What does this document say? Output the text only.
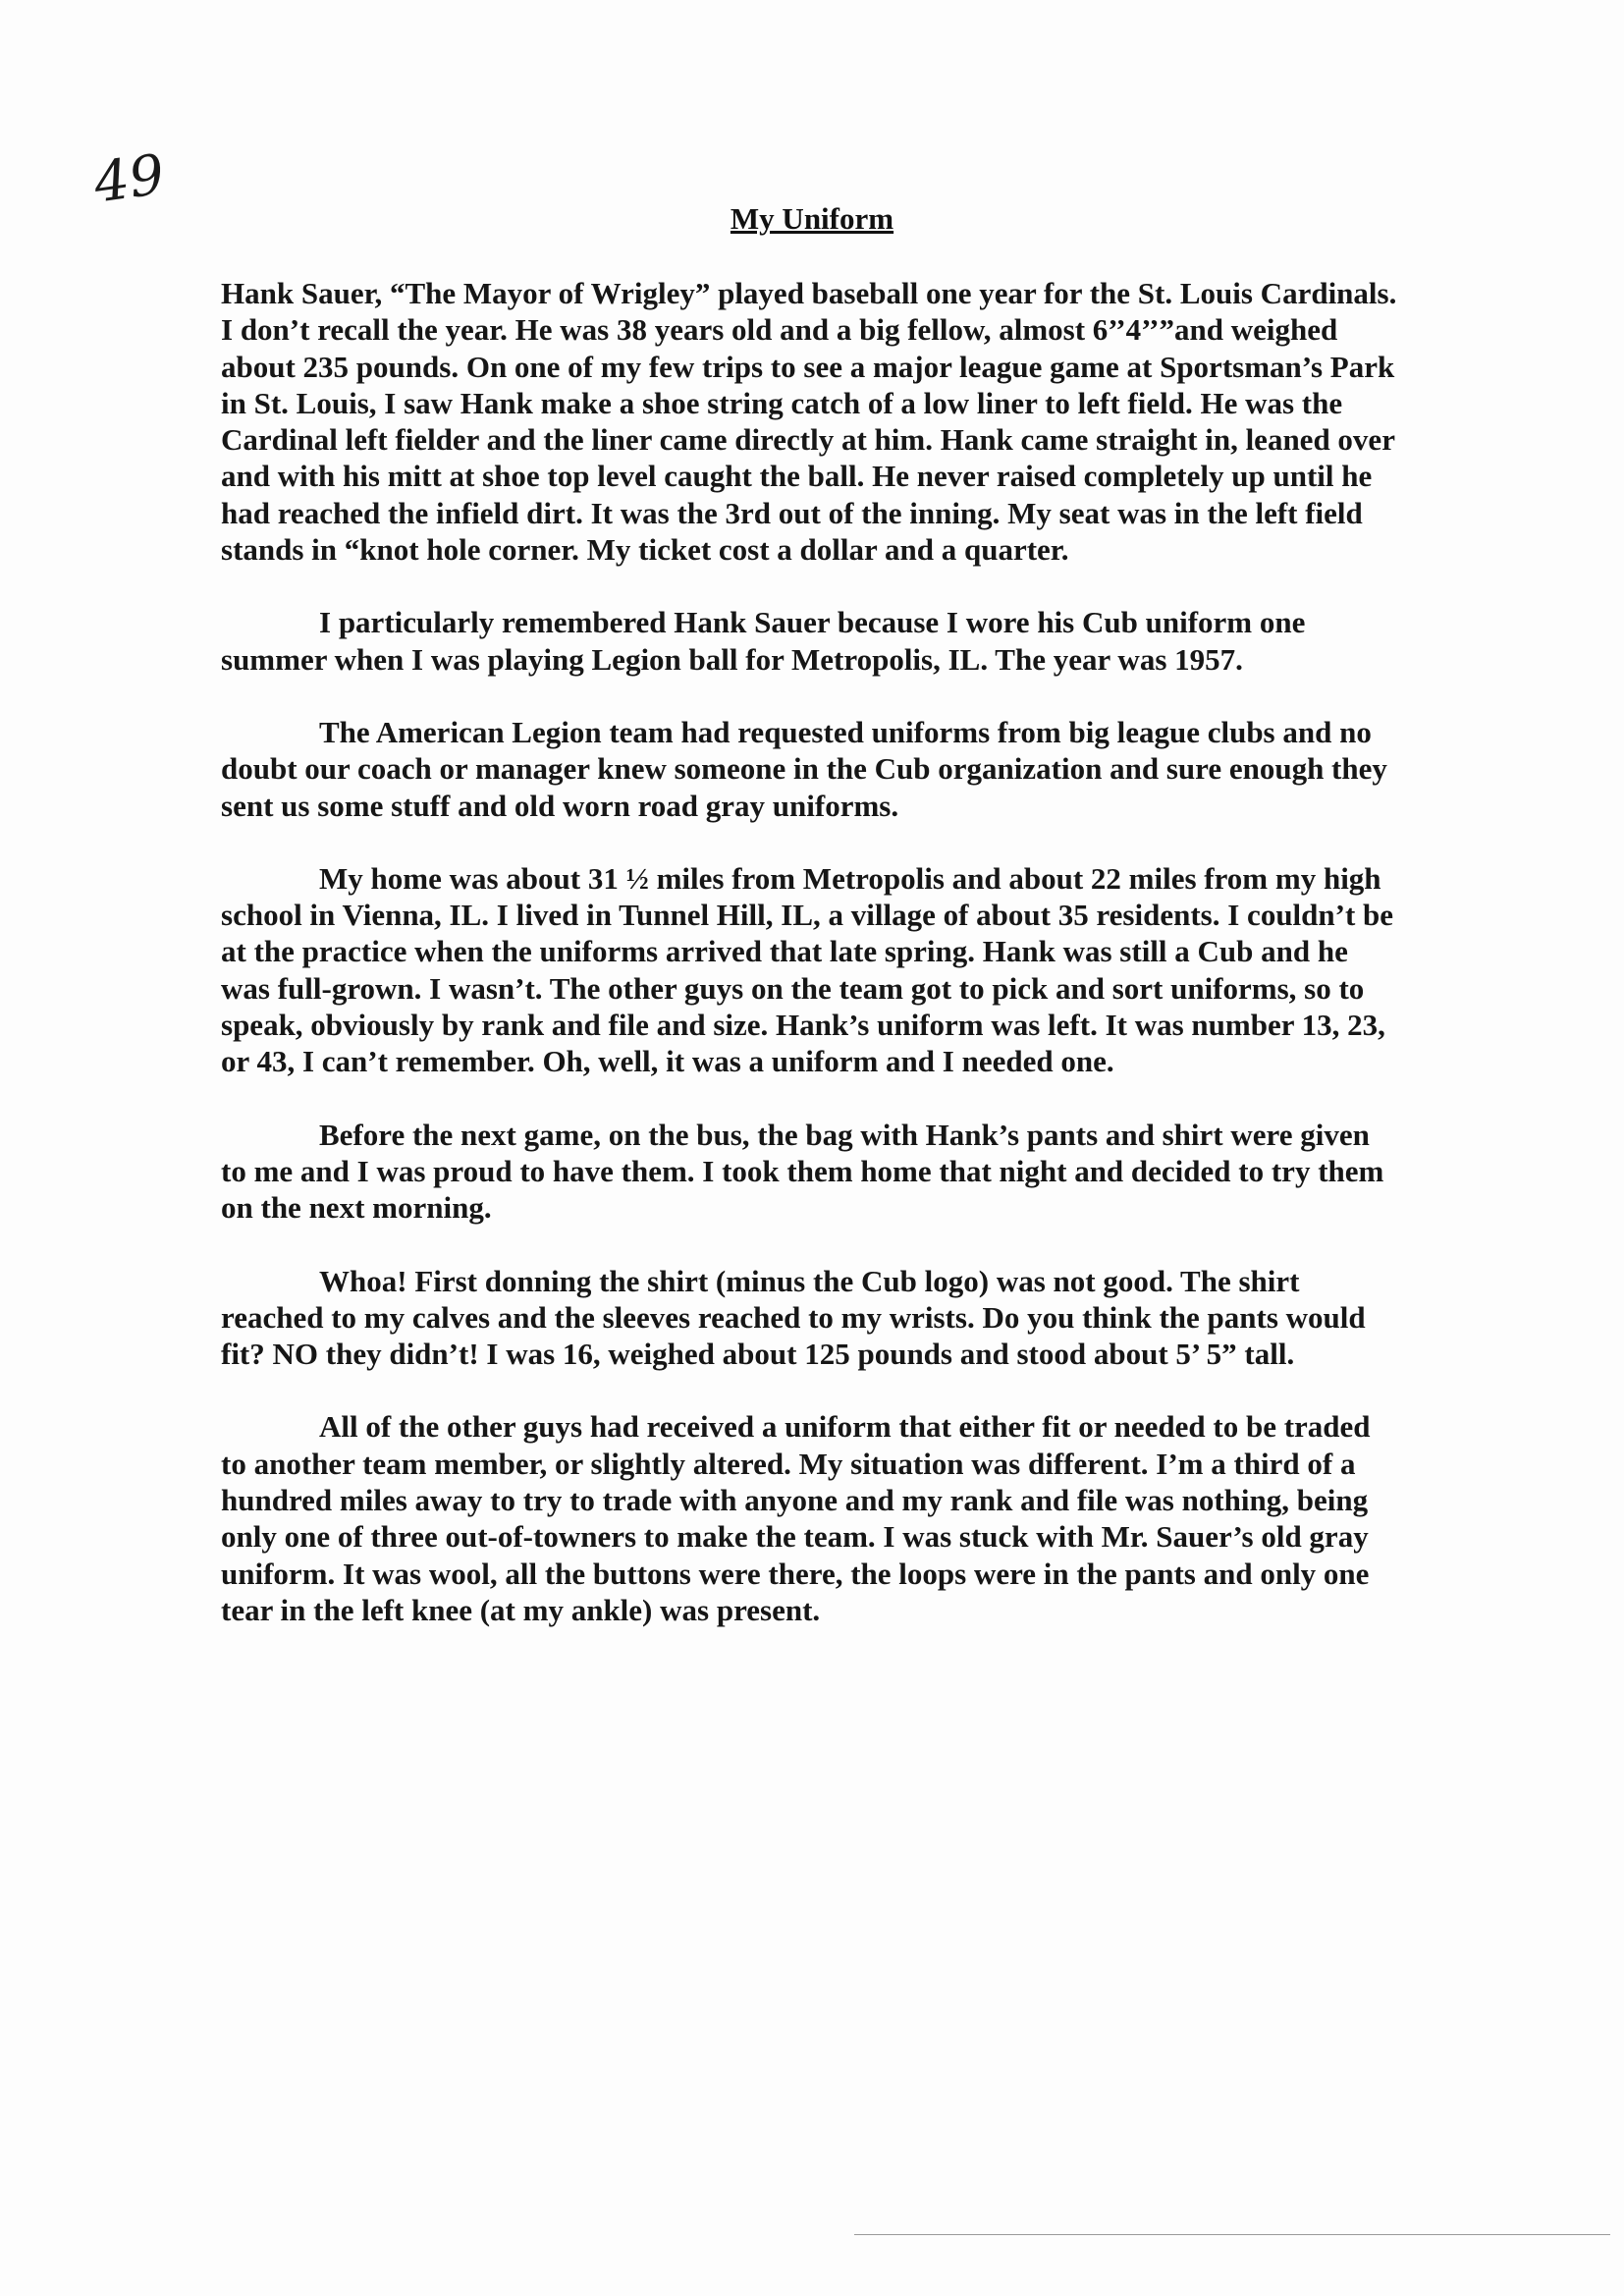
49
My Uniform

Hank Sauer, “The Mayor of Wrigley” played baseball one year for the St. Louis Cardinals. I don’t recall the year. He was 38 years old and a big fellow, almost 6’’4’’”and weighed about 235 pounds. On one of my few trips to see a major league game at Sportsman’s Park in St. Louis, I saw Hank make a shoe string catch of a low liner to left field. He was the Cardinal left fielder and the liner came directly at him. Hank came straight in, leaned over and with his mitt at shoe top level caught the ball. He never raised completely up until he had reached the infield dirt. It was the 3rd out of the inning. My seat was in the left field stands in “knot hole corner. My ticket cost a dollar and a quarter.

I particularly remembered Hank Sauer because I wore his Cub uniform one summer when I was playing Legion ball for Metropolis, IL. The year was 1957.

The American Legion team had requested uniforms from big league clubs and no doubt our coach or manager knew someone in the Cub organization and sure enough they sent us some stuff and old worn road gray uniforms.

My home was about 31 ½ miles from Metropolis and about 22 miles from my high school in Vienna, IL. I lived in Tunnel Hill, IL, a village of about 35 residents. I couldn’t be at the practice when the uniforms arrived that late spring. Hank was still a Cub and he was full-grown. I wasn’t. The other guys on the team got to pick and sort uniforms, so to speak, obviously by rank and file and size. Hank’s uniform was left. It was number 13, 23, or 43, I can’t remember. Oh, well, it was a uniform and I needed one.

Before the next game, on the bus, the bag with Hank’s pants and shirt were given to me and I was proud to have them. I took them home that night and decided to try them on the next morning.

Whoa! First donning the shirt (minus the Cub logo) was not good. The shirt reached to my calves and the sleeves reached to my wrists. Do you think the pants would fit? NO they didn’t! I was 16, weighed about 125 pounds and stood about 5’ 5” tall.

All of the other guys had received a uniform that either fit or needed to be traded to another team member, or slightly altered. My situation was different. I’m a third of a hundred miles away to try to trade with anyone and my rank and file was nothing, being only one of three out-of-towners to make the team. I was stuck with Mr. Sauer’s old gray uniform. It was wool, all the buttons were there, the loops were in the pants and only one tear in the left knee (at my ankle) was present.
